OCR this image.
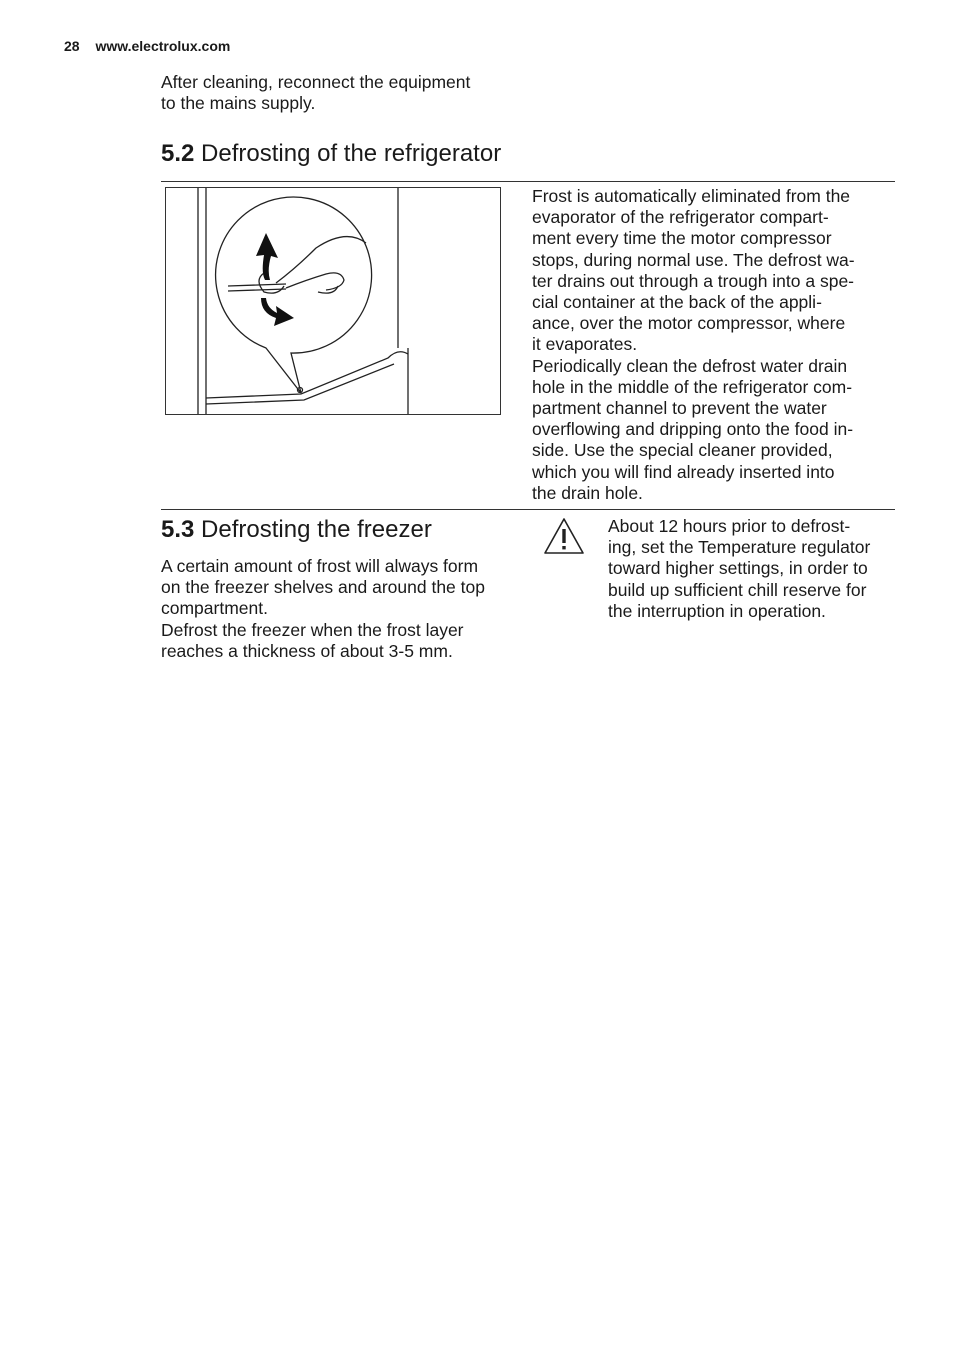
28 www.electrolux.com
After cleaning, reconnect the equipment
to the mains supply.
5.2 Defrosting of the refrigerator

Frost is automatically eliminated from the
evaporator of the refrigerator compart-
ment every time the motor compressor
stops, during normal use. The defrost wa-
ter drains out through a trough into a spe-
cial container at the back of the appli-
ance, over the motor compressor, where
it evaporates.

Periodically clean the defrost water drain
hole in the middle of the refrigerator com-
partment channel to prevent the water
overflowing and dripping onto the food in-
side. Use the special cleaner provided,
which you will find already inserted into
the drain hole.

5.3 Defrosting the freezer

A certain amount of frost will always form
on the freezer shelves and around the top
compartment.

Defrost the freezer when the frost layer
reaches a thickness of about 3-5 mm.

About 12 hours prior to defrost-
ing, set the Temperature regulator
toward higher settings, in order to
build up sufficient chill reserve for
the interruption in operation.
